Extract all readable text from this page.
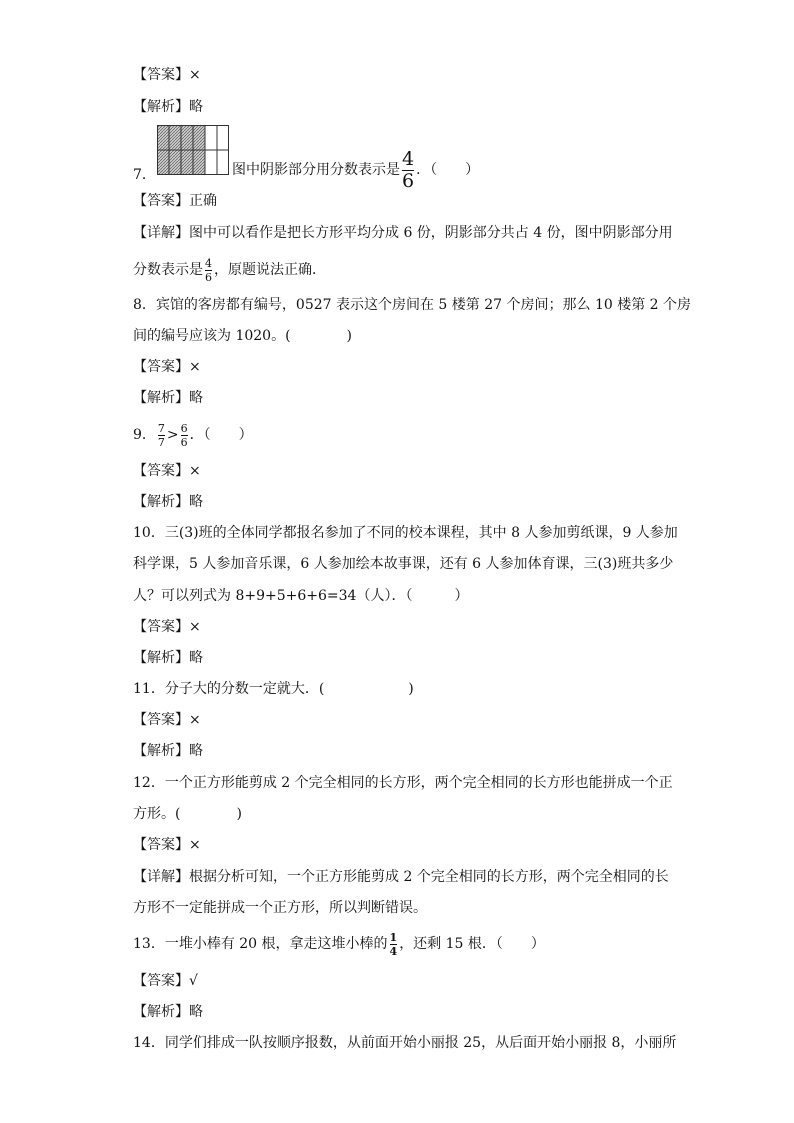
【答案】×
【解析】略
7．	图中阴影部分用分数表示是 $\frac{4}{6}$ ．（　　）
【答案】正确
【详解】图中可以看作是把长方形平均分成 6 份，阴影部分共占 4 份，图中阴影部分用
分数表示是 $\frac{4}{6}$ ，原题说法正确．
8．宾馆的客房都有编号，0527 表示这个房间在 5 楼第 27 个房间；那么 10 楼第 2 个房
间的编号应该为 1020。(　　　　)
【答案】×
【解析】略
9． $\frac{7}{7} > \frac{6}{6}$ ．（　　）
【答案】×
【解析】略
10．三(3)班的全体同学都报名参加了不同的校本课程，其中 8 人参加剪纸课，9 人参加
科学课，5 人参加音乐课，6 人参加绘本故事课，还有 6 人参加体育课，三(3)班共多少
人？可以列式为 8+9+5+6+6=34（人）．（　　　）
【答案】×
【解析】略
11．分子大的分数一定就大．(　　　　　　)
【答案】×
【解析】略
12．一个正方形能剪成 2 个完全相同的长方形，两个完全相同的长方形也能拼成一个正
方形。(　　　　)
【答案】×
【详解】根据分析可知，一个正方形能剪成 2 个完全相同的长方形，两个完全相同的长
方形不一定能拼成一个正方形，所以判断错误。
13．一堆小棒有 20 根，拿走这堆小棒的 $\frac{1}{4}$ ，还剩 15 根．（　　）
【答案】√
【解析】略
14．同学们排成一队按顺序报数，从前面开始小丽报 25，从后面开始小丽报 8，小丽所
